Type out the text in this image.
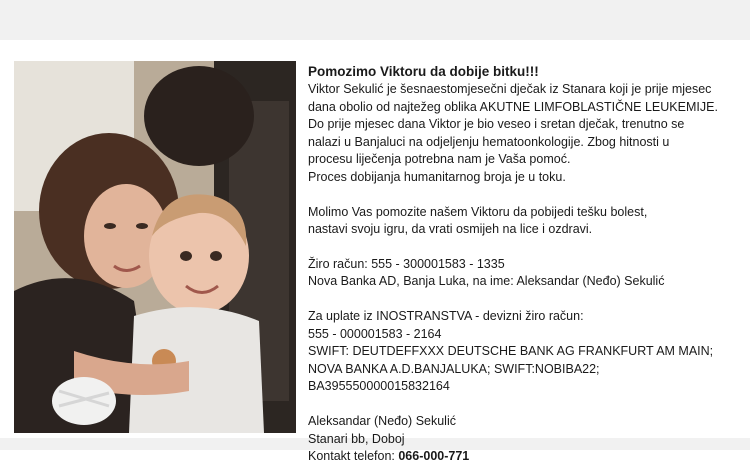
Pomozimo Viktoru da dobije bitku!!!

Viktor Sekulić je šesnaestomjesečni dječak iz Stanara koji je prije mjesec

dana obolio od najtežeg oblika AKUTNE LIMFOBLASTIČNE LEUKEMIJE.

Do prije mjesec dana Viktor je bio veseo i sretan dječak, trenutno se

nalazi u Banjaluci na odjeljenju hematoonkologije. Zbog hitnosti u

procesu liječenja potrebna nam je Vaša pomoć.

Proces dobijanja humanitarnog broja je u toku.

Molimo Vas pomozite našem Viktoru da pobijedi tešku bolest,

nastavi svoju igru, da vrati osmijeh na lice i ozdravi.

Žiro račun: 555 - 300001583 - 1335

Nova Banka AD, Banja Luka, na ime: Aleksandar (Neđo) Sekulić

Za uplate iz INOSTRANSTVA - devizni žiro račun:

555 - 000001583 - 2164

SWIFT: DEUTDEFFXXX DEUTSCHE BANK AG FRANKFURT AM MAIN;

NOVA BANKA A.D.BANJALUKA; SWIFT:NOBIBA22; BA395550000015832164

Aleksandar (Neđo) Sekulić

Stanari bb, Doboj

Kontakt telefon: 066-000-771
